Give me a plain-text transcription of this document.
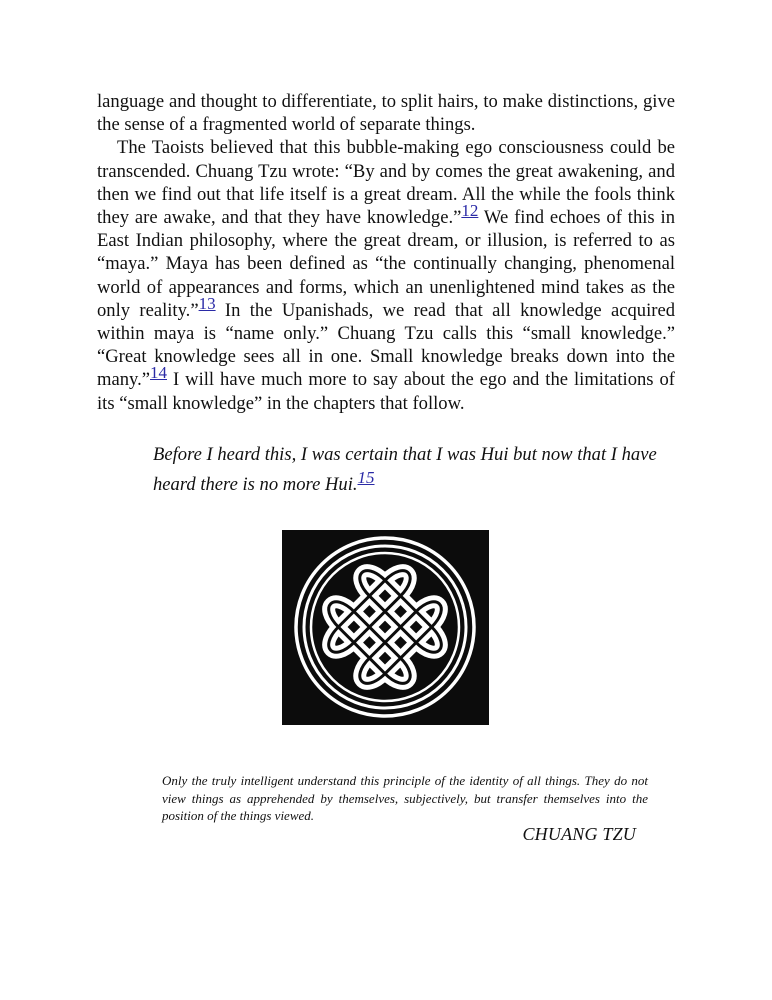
language and thought to differentiate, to split hairs, to make distinctions, give the sense of a fragmented world of separate things.

The Taoists believed that this bubble-making ego consciousness could be transcended. Chuang Tzu wrote: “By and by comes the great awakening, and then we find out that life itself is a great dream. All the while the fools think they are awake, and that they have knowledge.”12 We find echoes of this in East Indian philosophy, where the great dream, or illusion, is referred to as “maya.” Maya has been defined as “the continually changing, phenomenal world of appearances and forms, which an unenlightened mind takes as the only reality.”13 In the Upanishads, we read that all knowledge acquired within maya is “name only.” Chuang Tzu calls this “small knowledge.” “Great knowledge sees all in one. Small knowledge breaks down into the many.”14 I will have much more to say about the ego and the limitations of its “small knowledge” in the chapters that follow.

Before I heard this, I was certain that I was Hui but now that I have heard there is no more Hui.15

Only the truly intelligent understand this principle of the identity of all things. They do not view things as apprehended by themselves, subjectively, but transfer themselves into the position of the things viewed.

CHUANG TZU
